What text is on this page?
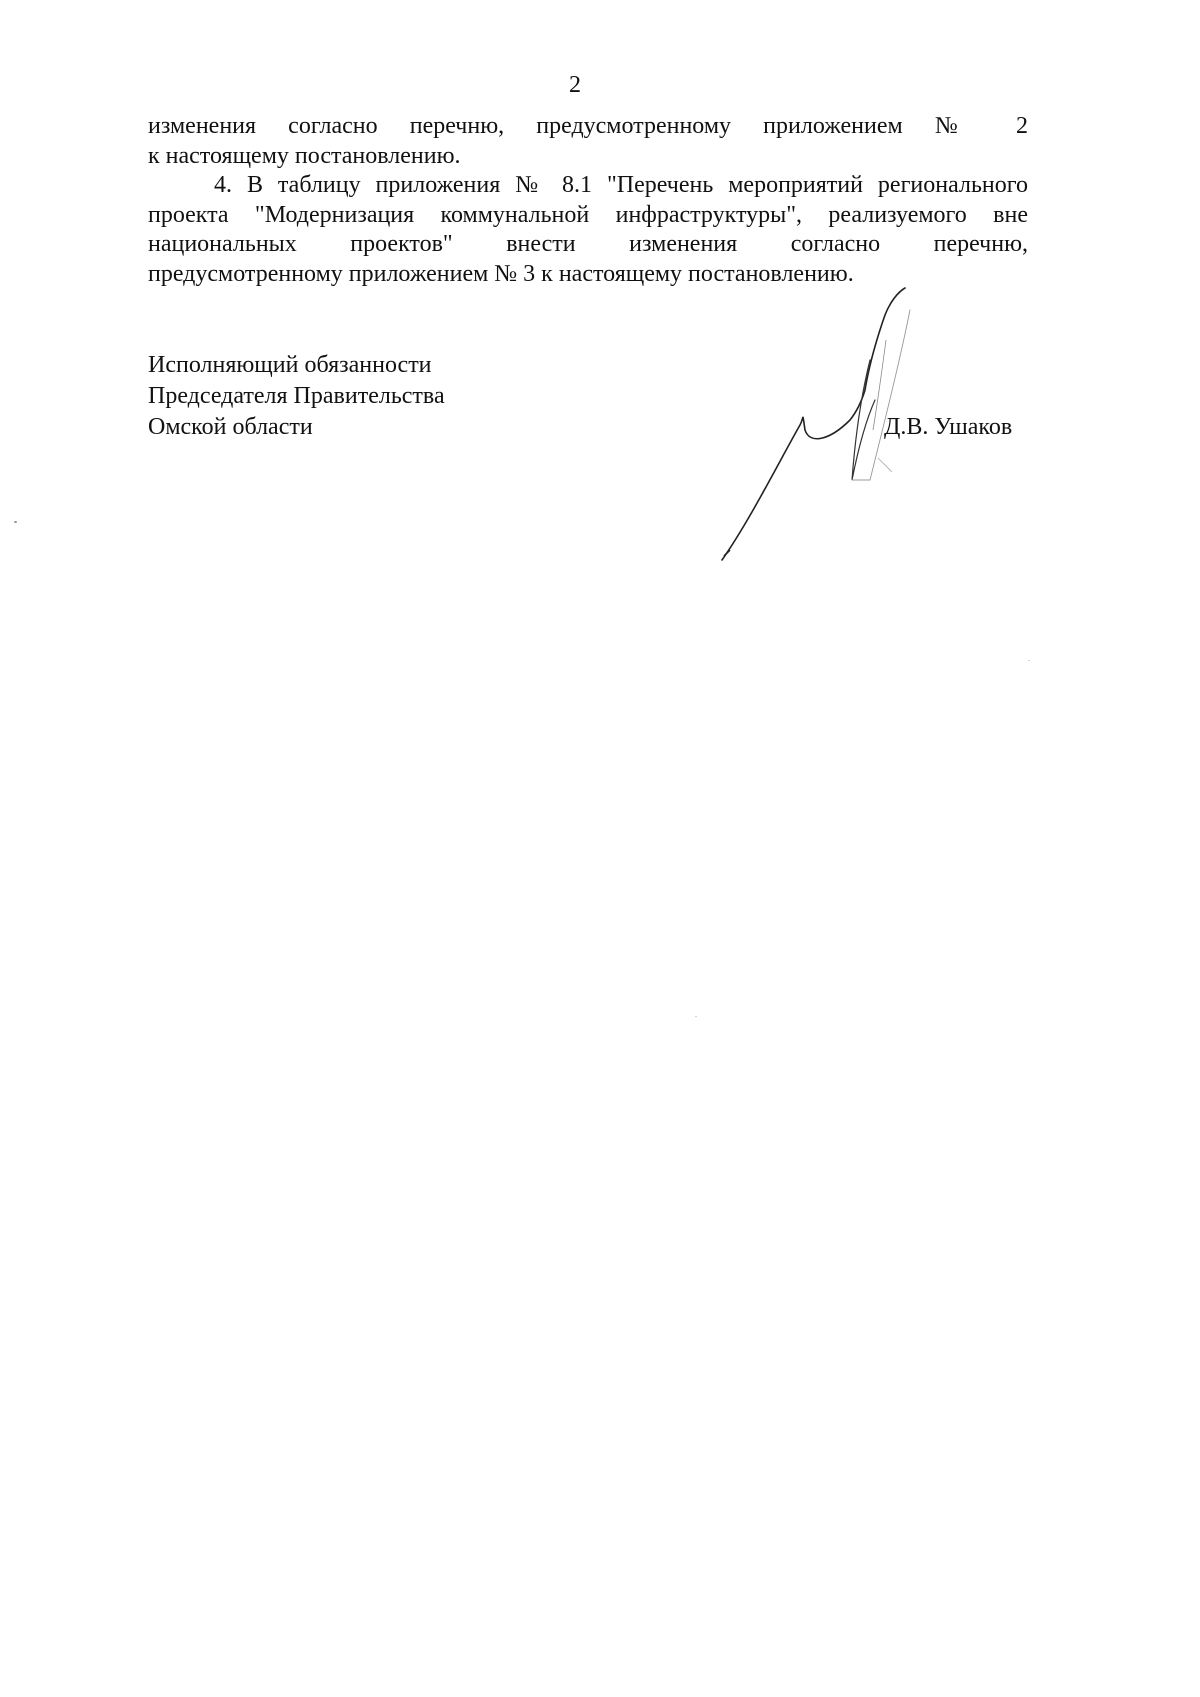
2

изменения согласно перечню, предусмотренному приложением № 2
к настоящему постановлению.

4. В таблицу приложения № 8.1 "Перечень мероприятий регионального
проекта "Модернизация коммунальной инфраструктуры", реализуемого вне
национальных проектов" внести изменения согласно перечню,
предусмотренному приложением № 3 к настоящему постановлению.

Исполняющий обязанности
Председателя Правительства
Омской области	Д.В. Ушаков
